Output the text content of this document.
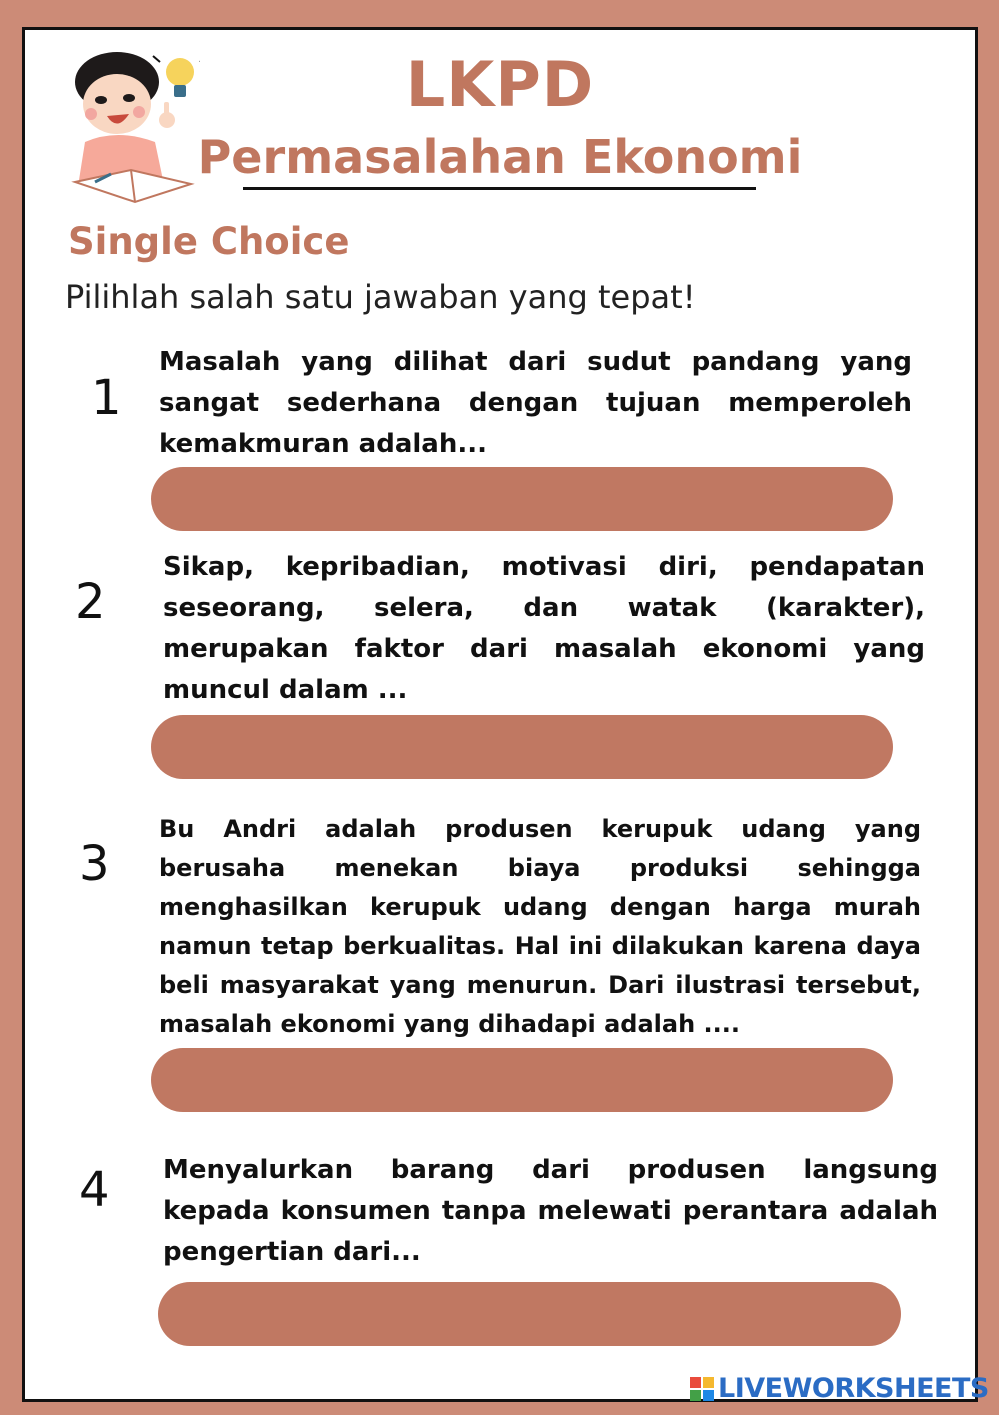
LKPD
Permasalahan Ekonomi
Single Choice
Pilihlah salah satu jawaban yang tepat!
1
Masalah yang dilihat dari sudut pandang yang sangat sederhana dengan tujuan memperoleh kemakmuran adalah...
2
Sikap, kepribadian, motivasi diri, pendapatan seseorang, selera, dan watak (karakter), merupakan faktor dari masalah ekonomi yang muncul dalam ...
3
Bu Andri adalah produsen kerupuk udang yang berusaha menekan biaya produksi sehingga menghasilkan kerupuk udang dengan harga murah namun tetap berkualitas. Hal ini dilakukan karena daya beli masyarakat yang menurun. Dari ilustrasi tersebut, masalah ekonomi yang dihadapi adalah ....
4 Menyalurkan barang dari produsen langsung kepada konsumen tanpa melewati perantara adalah pengertian dari...
LIVEWORKSHEETS
